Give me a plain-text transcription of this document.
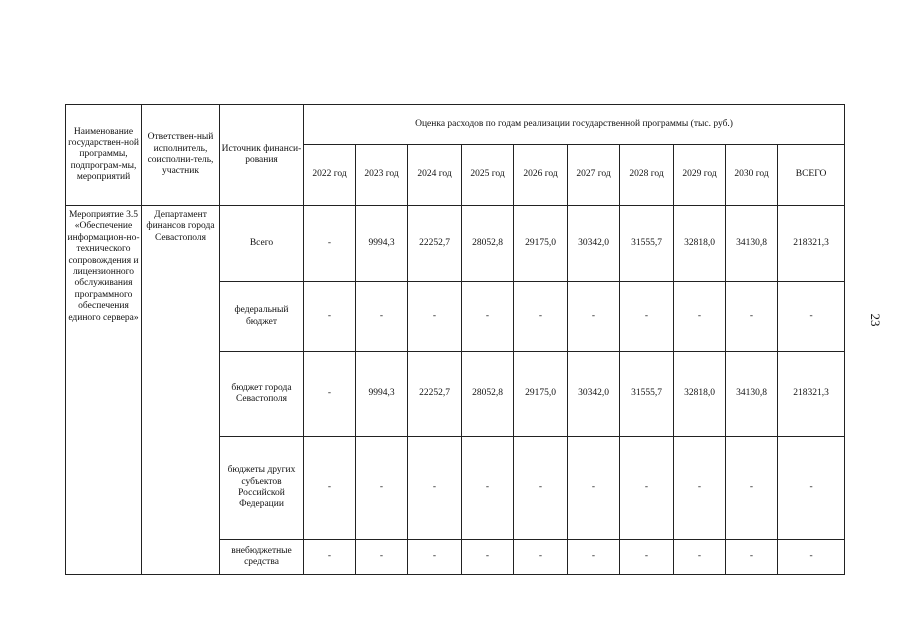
Наименование государствен-ной программы, подпрограм-мы, мероприятий	Ответствен-ный исполнитель, соисполни-тель, участник	Источник финанси-рования	Оценка расходов по годам реализации государственной программы (тыс. руб.)									
			2022 год	2023 год	2024 год	2025 год	2026 год	2027 год	2028 год	2029 год	2030 год	ВСЕГО
Мероприятие 3.5 «Обеспечение информацион-но-технического сопровождения и лицензионного обслуживания программного обеспечения единого сервера»	Департамент финансов города Севастополя	Всего	-	9994,3	22252,7	28052,8	29175,0	30342,0	31555,7	32818,0	34130,8	218321,3
		федеральный бюджет	-	-	-	-	-	-	-	-	-	-
		бюджет города Севастополя	-	9994,3	22252,7	28052,8	29175,0	30342,0	31555,7	32818,0	34130,8	218321,3
		бюджеты других субъектов Российской Федерации	-	-	-	-	-	-	-	-	-	-
		внебюджетные средства	-	-	-	-	-	-	-	-	-	-
23
